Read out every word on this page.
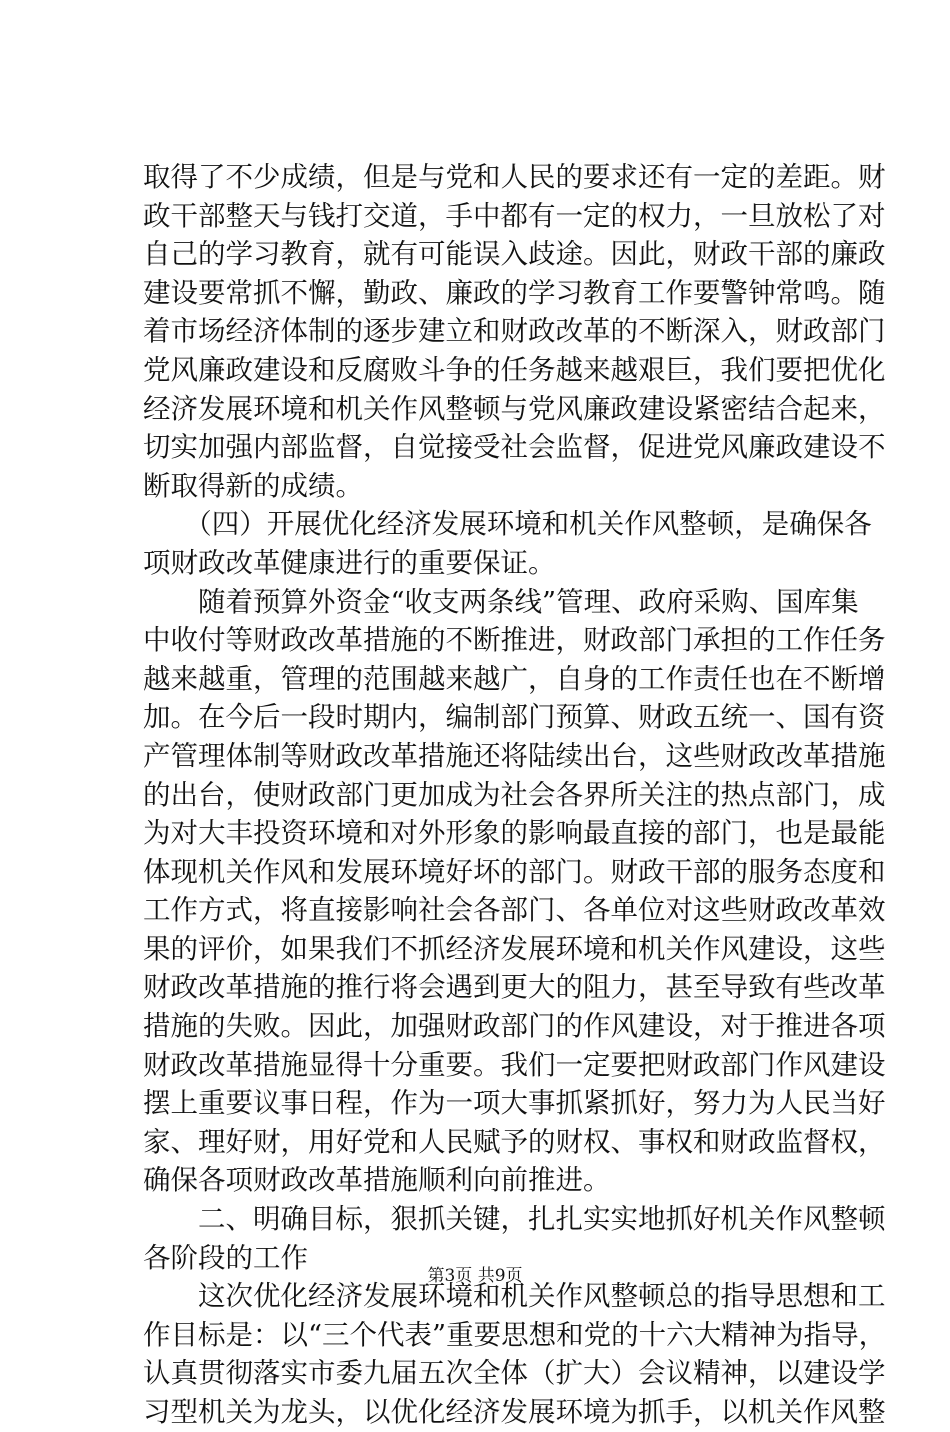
取得了不少成绩，但是与党和人民的要求还有一定的差距。财
政干部整天与钱打交道，手中都有一定的权力，一旦放松了对
自己的学习教育，就有可能误入歧途。因此，财政干部的廉政
建设要常抓不懈，勤政、廉政的学习教育工作要警钟常鸣。随
着市场经济体制的逐步建立和财政改革的不断深入，财政部门
党风廉政建设和反腐败斗争的任务越来越艰巨，我们要把优化
经济发展环境和机关作风整顿与党风廉政建设紧密结合起来，
切实加强内部监督，自觉接受社会监督，促进党风廉政建设不
断取得新的成绩。
　　（四）开展优化经济发展环境和机关作风整顿，是确保各
项财政改革健康进行的重要保证。
　　随着预算外资金“收支两条线”管理、政府采购、国库集
中收付等财政改革措施的不断推进，财政部门承担的工作任务
越来越重，管理的范围越来越广，自身的工作责任也在不断增
加。在今后一段时期内，编制部门预算、财政五统一、国有资
产管理体制等财政改革措施还将陆续出台，这些财政改革措施
的出台，使财政部门更加成为社会各界所关注的热点部门，成
为对大丰投资环境和对外形象的影响最直接的部门，也是最能
体现机关作风和发展环境好坏的部门。财政干部的服务态度和
工作方式，将直接影响社会各部门、各单位对这些财政改革效
果的评价，如果我们不抓经济发展环境和机关作风建设，这些
财政改革措施的推行将会遇到更大的阻力，甚至导致有些改革
措施的失败。因此，加强财政部门的作风建设，对于推进各项
财政改革措施显得十分重要。我们一定要把财政部门作风建设
摆上重要议事日程，作为一项大事抓紧抓好，努力为人民当好
家、理好财，用好党和人民赋予的财权、事权和财政监督权，
确保各项财政改革措施顺利向前推进。
　　二、明确目标，狠抓关键，扎扎实实地抓好机关作风整顿
各阶段的工作
　　这次优化经济发展环境和机关作风整顿总的指导思想和工
作目标是：以“三个代表”重要思想和党的十六大精神为指导，
认真贯彻落实市委九届五次全体（扩大）会议精神，以建设学
习型机关为龙头，以优化经济发展环境为抓手，以机关作风整
第3页 共9页
